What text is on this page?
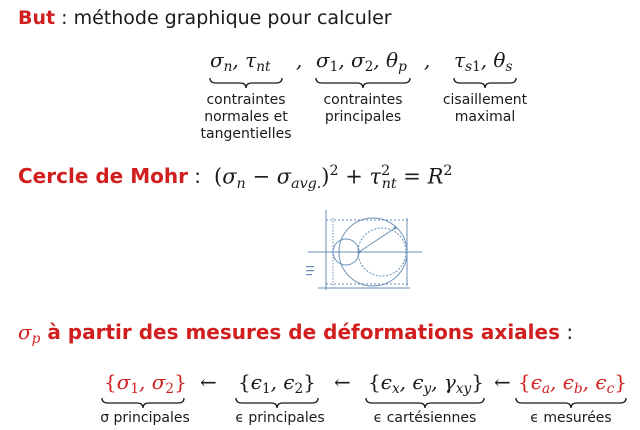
But : méthode graphique pour calculer
$\sigma_n$, $\tau_{nt}$
contraintes
normales et
tangentielles
, $\sigma_1$, $\sigma_2$, $\theta_p$
contraintes
principales
, $\tau_{s1}$, $\theta_s$
cisaillement
maximal
Cercle de Mohr : $(\sigma_n - \sigma_{avg.})^2 + \tau^2_{nt} = R^2$
$\sigma_p$ à partir des mesures de déformations axiales :
{$\sigma_1$, $\sigma_2$}
σ principales
← {$\epsilon_1$, $\epsilon_2$}
ϵ principales
← {$\epsilon_x$, $\epsilon_y$, $\gamma_{xy}$}
ϵ cartésiennes
← {$\epsilon_a$, $\epsilon_b$, $\epsilon_c$}
ϵ mesurées
